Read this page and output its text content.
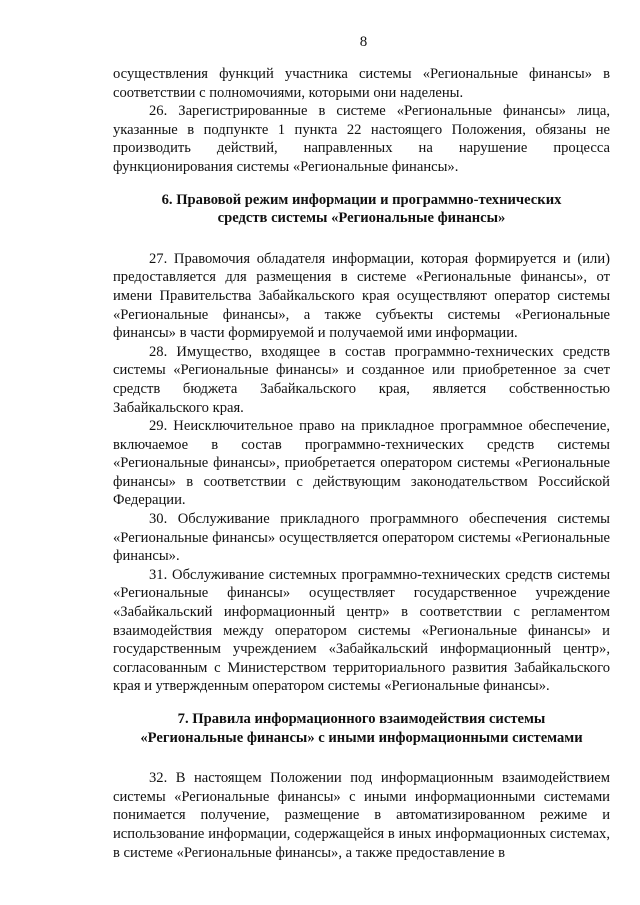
8

осуществления функций участника системы «Региональные финансы» в соответствии с полномочиями, которыми они наделены.

26. Зарегистрированные в системе «Региональные финансы» лица, указанные в подпункте 1 пункта 22 настоящего Положения, обязаны не производить действий, направленных на нарушение процесса функционирования системы «Региональные финансы».

6. Правовой режим информации и программно-технических
средств системы «Региональные финансы»

27. Правомочия обладателя информации, которая формируется и (или) предоставляется для размещения в системе «Региональные финансы», от имени Правительства Забайкальского края осуществляют оператор системы «Региональные финансы», а также субъекты системы «Региональные финансы» в части формируемой и получаемой ими информации.

28. Имущество, входящее в состав программно-технических средств системы «Региональные финансы» и созданное или приобретенное за счет средств бюджета Забайкальского края, является собственностью Забайкальского края.

29. Неисключительное право на прикладное программное обеспечение, включаемое в состав программно-технических средств системы «Региональные финансы», приобретается оператором системы «Региональные финансы» в соответствии с действующим законодательством Российской Федерации.

30. Обслуживание прикладного программного обеспечения системы «Региональные финансы» осуществляется оператором системы «Региональные финансы».

31. Обслуживание системных программно-технических средств системы «Региональные финансы» осуществляет государственное учреждение «Забайкальский информационный центр» в соответствии с регламентом взаимодействия между оператором системы «Региональные финансы» и государственным учреждением «Забайкальский информационный центр», согласованным с Министерством территориального развития Забайкальского края и утвержденным оператором системы «Региональные финансы».

7. Правила информационного взаимодействия системы
«Региональные финансы» с иными информационными системами

32. В настоящем Положении под информационным взаимодействием системы «Региональные финансы» с иными информационными системами понимается получение, размещение в автоматизированном режиме и использование информации, содержащейся в иных информационных системах, в системе «Региональные финансы», а также предоставление в
